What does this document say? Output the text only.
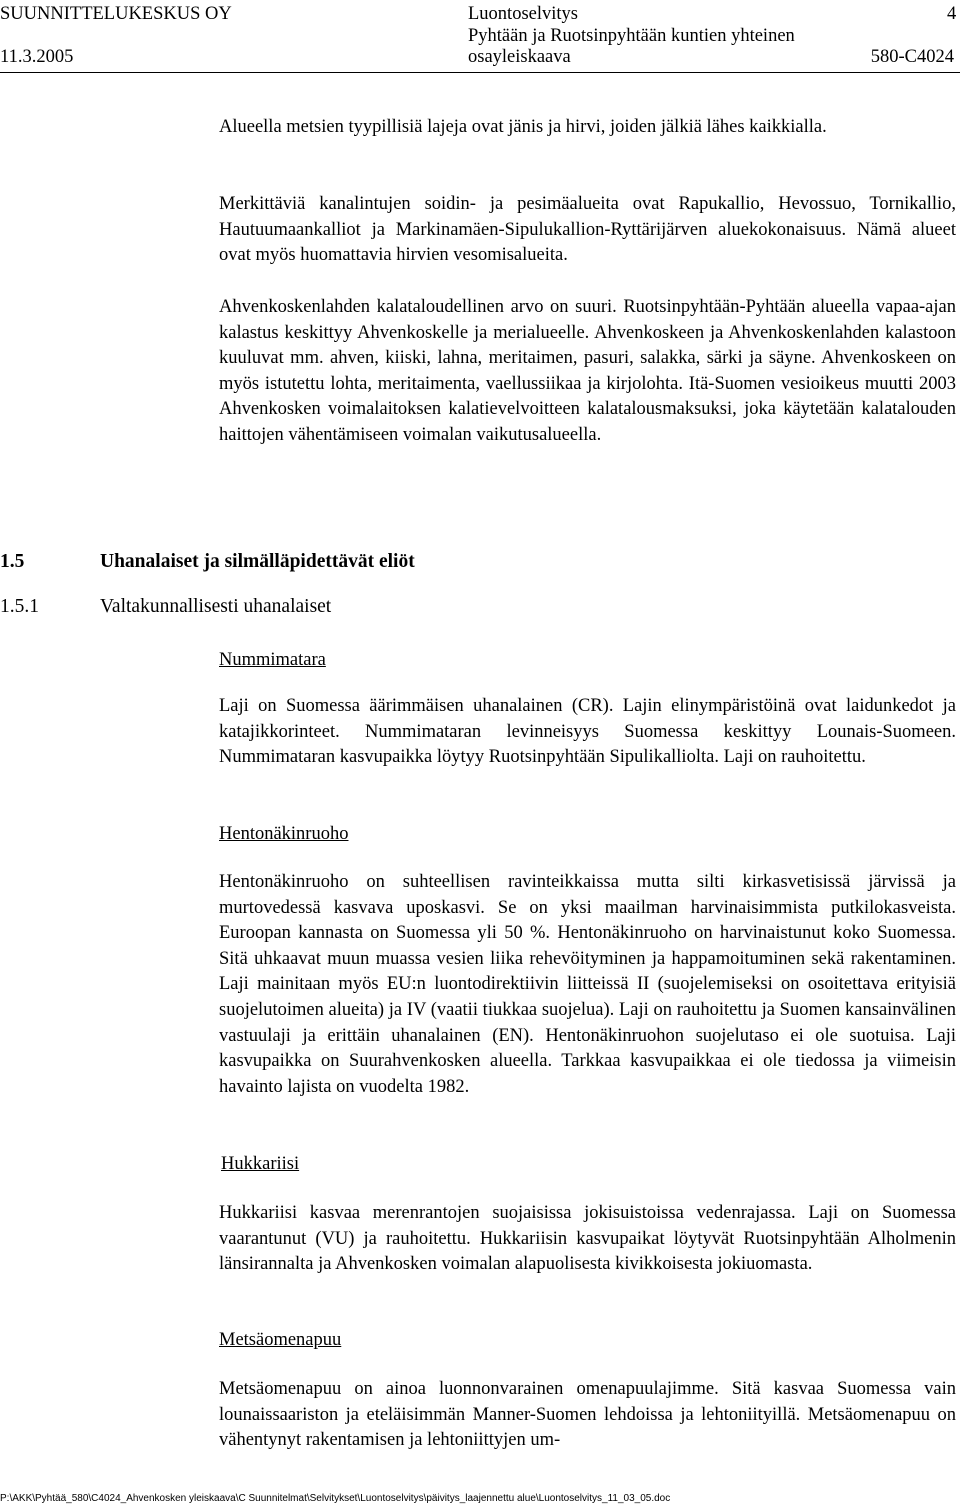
SUUNNITTELUKESKUS OY
11.3.2005
Luontoselvitys
Pyhtään ja Ruotsinpyhtään kuntien yhteinen
osayleiskaava
4
580-C4024

Alueella metsien tyypillisiä lajeja ovat jänis ja hirvi, joiden jälkiä lähes kaikkialla.

Merkittäviä kanalintujen soidin- ja pesimäalueita ovat Rapukallio, Hevossuo, Tornikallio, Hautuumaankalliot ja Markinamäen-Sipulukallion-Ryttärijärven aluekokonaisuus. Nämä alueet ovat myös huomattavia hirvien vesomisalueita.

Ahvenkoskenlahden kalataloudellinen arvo on suuri. Ruotsinpyhtään-Pyhtään alueella vapaa-ajan kalastus keskittyy Ahvenkoskelle ja merialueelle. Ahvenkoskeen ja Ahvenkoskenlahden kalastoon kuuluvat mm. ahven, kiiski, lahna, meritaimen, pasuri, salakka, särki ja säyne. Ahvenkoskeen on myös istutettu lohta, meritaimenta, vaellussiikaa ja kirjolohta. Itä-Suomen vesioikeus muutti 2003 Ahvenkosken voimalaitoksen kalatievelvoitteen kalatalousmaksuksi, joka käytetään kalatalouden haittojen vähentämiseen voimalan vaikutusalueella.

1.5	Uhanalaiset ja silmälläpidettävät eliöt
1.5.1	Valtakunnallisesti uhanalaiset

Nummimatara

Laji on Suomessa äärimmäisen uhanalainen (CR). Lajin elinympäristöinä ovat laidunkedot ja katajikkorinteet. Nummimataran levinneisyys Suomessa keskittyy Lounais-Suomeen. Nummimataran kasvupaikka löytyy Ruotsinpyhtään Sipulikalliolta. Laji on rauhoitettu.

Hentonäkinruoho

Hentonäkinruoho on suhteellisen ravinteikkaissa mutta silti kirkasvetisissä järvissä ja murtovedessä kasvava uposkasvi. Se on yksi maailman harvinaisimmista putkilokasveista. Euroopan kannasta on Suomessa yli 50 %. Hentonäkinruoho on harvinaistunut koko Suomessa. Sitä uhkaavat muun muassa vesien liika rehevöityminen ja happamoituminen sekä rakentaminen. Laji mainitaan myös EU:n luontodirektiivin liitteissä II (suojelemiseksi on osoitettava erityisiä suojelutoimen alueita) ja IV (vaatii tiukkaa suojelua). Laji on rauhoitettu ja Suomen kansainvälinen vastuulaji ja erittäin uhanalainen (EN). Hentonäkinruohon suojelutaso ei ole suotuisa. Laji kasvupaikka on Suurahvenkosken alueella. Tarkkaa kasvupaikkaa ei ole tiedossa ja viimeisin havainto lajista on vuodelta 1982.

Hukkariisi

Hukkariisi kasvaa merenrantojen suojaisissa jokisuistoissa vedenrajassa. Laji on Suomessa vaarantunut (VU) ja rauhoitettu. Hukkariisin kasvupaikat löytyvät Ruotsinpyhtään Alholmenin länsirannalta ja Ahvenkosken voimalan alapuolisesta kivikkoisesta jokiuomasta.

Metsäomenapuu

Metsäomenapuu on ainoa luonnonvarainen omenapuulajimme. Sitä kasvaa Suomessa vain lounaissaariston ja eteläisimmän Manner-Suomen lehdoissa ja lehtoniityillä. Metsäomenapuu on vähentynyt rakentamisen ja lehtoniittyjen um-

P:\AKK\Pyhtää_580\C4024_Ahvenkosken yleiskaava\C Suunnitelmat\Selvitykset\Luontoselvitys\päivitys_laajennettu alue\Luontoselvitys_11_03_05.doc
